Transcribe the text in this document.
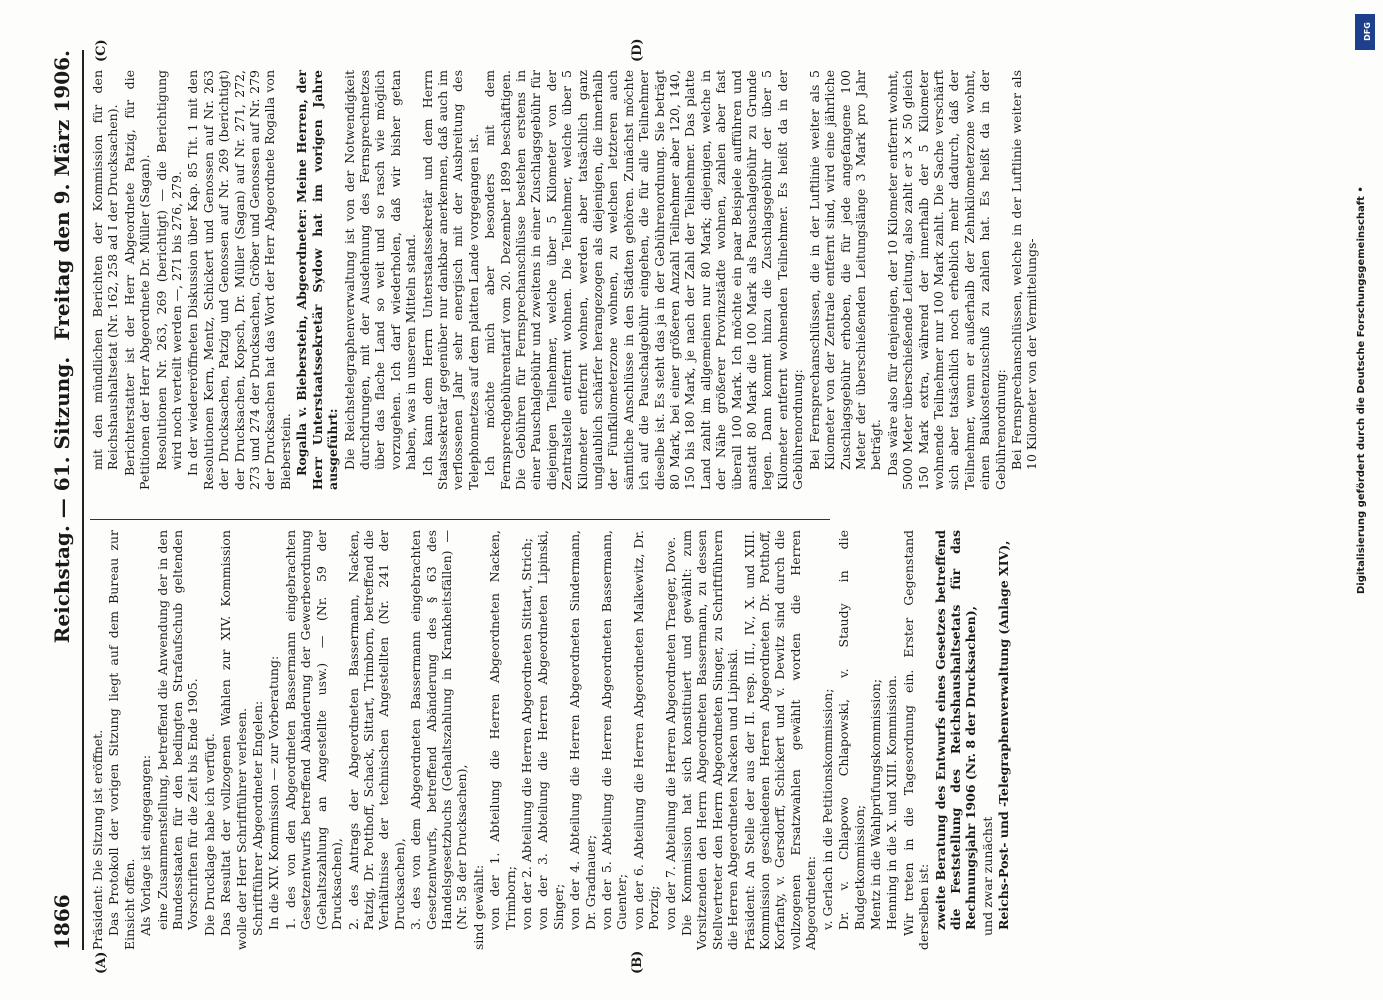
1866
Reichstag. — 61. Sitzung.
Freitag den 9. März 1906.
(A)	(B)
(C)	(D)

Präsident: Die Sitzung ist eröffnet. Das Protokoll der vorigen Sitzung liegt auf dem Bureau zur Einsicht offen. Als Vorlage ist eingegangen: eine Zusammenstellung, betreffend die Anwendung der in den Bundesstaaten für den bedingten Strafaufschub geltenden Vorschriften für die Zeit bis Ende 1905. Die Drucklage habe ich verfügt. Das Resultat der vollzogenen Wahlen zur XIV. Kommission wolle der Herr Schriftführer verlesen. Schriftführer Abgeordneter Engelen: In die XIV. Kommission — zur Vorberatung: 1. des von den Abgeordneten Bassermann eingebrachten Gesetzentwurfs betreffend Abänderung der Gewerbeordnung (Gehaltszahlung an Angestellte usw.) — (Nr. 59 der Drucksachen), 2. des Antrags der Abgeordneten Bassermann, Nacken, Patzig, Dr. Potthoff, Schack, Sittart, Trimborn, betreffend die Verhältnisse der technischen Angestellten (Nr. 241 der Drucksachen), 3. des von dem Abgeordneten Bassermann eingebrachten Gesetzentwurfs, betreffend Abänderung des § 63 des Handelsgesetzbuchs (Gehaltszahlung in Krankheitsfällen) — (Nr. 58 der Drucksachen), sind gewählt: von der 1. Abteilung die Herren Abgeordneten Nacken, Trimborn; von der 2. Abteilung die Herren Abgeordneten Sittart, Strich; von der 3. Abteilung die Herren Abgeordneten Lipinski, Singer; von der 4. Abteilung die Herren Abgeordneten Sindermann, Dr. Gradnauer; von der 5. Abteilung die Herren Abgeordneten Bassermann, Guenter; von der 6. Abteilung die Herren Abgeordneten Malkewitz, Dr. Porzig; von der 7. Abteilung die Herren Abgeordneten Traeger, Dove. Die Kommission hat sich konstituiert und gewählt: zum Vorsitzenden den Herrn Abgeordneten Bassermann, zu dessen Stellvertreter den Herrn Abgeordneten Singer, zu Schriftführern die Herren Abgeordneten Nacken und Lipinski. Präsident: An Stelle der aus der II. resp. III., IV., X. und XIII. Kommission geschiedenen Herren Abgeordneten Dr. Potthoff, Korfanty, v. Gersdorff, Schickert und v. Dewitz sind durch die vollzogenen Ersatzwahlen gewählt worden die Herren Abgeordneten: v. Gerlach in die Petitionskommission; Dr. v. Chlapowo Chlapowski, v. Staudy in die Budgetkommission; Mentz in die Wahlprüfungskommission; Henning in die X. und XIII. Kommission. Wir treten in die Tagesordnung ein. Erster Gegenstand derselben ist: zweite Beratung des Entwurfs eines Gesetzes betreffend die Feststellung des Reichshaushaltsetats für das Rechnungsjahr 1906 (Nr. 8 der Drucksachen), und zwar zunächst Reichs-Post- und -Telegraphenverwaltung (Anlage XIV),

mit den mündlichen Berichten der Kommission für den Reichshaushaltsetat (Nr. 162, 258 ad I der Drucksachen). Berichterstatter ist der Herr Abgeordnete Patzig, für die Petitionen der Herr Abgeordnete Dr. Müller (Sagan). Resolutionen Nr. 263, 269 (berichtigt) — die Berichtigung wird noch verteilt werden —, 271 bis 276, 279. In der wiedereröffneten Diskussion über Kap. 85 Tit. 1 mit den Resolutionen Kern, Mentz, Schickert und Genossen auf Nr. 263 der Drucksachen, Patzig und Genossen auf Nr. 269 (berichtigt) der Drucksachen, Kopsch, Dr. Müller (Sagan) auf Nr. 271, 272, 273 und 274 der Drucksachen, Gröber und Genossen auf Nr. 279 der Drucksachen hat das Wort der Herr Abgeordnete Rogalla von Bieberstein. Rogalla v. Bieberstein, Abgeordneter: Meine Herren, der Herr Unterstaatssekretär Sydow hat im vorigen Jahre ausgeführt: Die Reichstelegraphenverwaltung ist von der Notwendigkeit durchdrungen, mit der Ausdehnung des Fernsprechnetzes über das flache Land so weit und so rasch wie möglich vorzugehen. Ich darf wiederholen, daß wir bisher getan haben, was in unseren Mitteln stand. Ich kann dem Herrn Unterstaatssekretär und dem Herrn Staatssekretär gegenüber nur dankbar anerkennen, daß auch im verflossenen Jahr sehr energisch mit der Ausbreitung des Telephonnetzes auf dem platten Lande vorgegangen ist. Ich möchte mich aber besonders mit dem Fernsprechgebührentarif vom 20. Dezember 1899 beschäftigen. Die Gebühren für Fernsprechanschlüsse bestehen erstens in einer Pauschalgebühr und zweitens in einer Zuschlagsgebühr für diejenigen Teilnehmer, welche über 5 Kilometer von der Zentralstelle entfernt wohnen. Die Teilnehmer, welche über 5 Kilometer entfernt wohnen, werden aber tatsächlich ganz unglaublich schärfer herangezogen als diejenigen, die innerhalb der Fünfkilometerzone wohnen, zu welchen letzteren auch sämtliche Anschlüsse in den Städten gehören. Zunächst möchte ich auf die Pauschalgebühr eingehen, die für alle Teilnehmer dieselbe ist. Es steht das ja in der Gebührenordnung. Sie beträgt 80 Mark, bei einer größeren Anzahl Teilnehmer aber 120, 140, 150 bis 180 Mark, je nach der Zahl der Teilnehmer. Das platte Land zahlt im allgemeinen nur 80 Mark; diejenigen, welche in der Nähe größerer Provinzstädte wohnen, zahlen aber fast überall 100 Mark. Ich möchte ein paar Beispiele aufführen und anstatt 80 Mark die 100 Mark als Pauschalgebühr zu Grunde legen. Dann kommt hinzu die Zuschlagsgebühr der über 5 Kilometer entfernt wohnenden Teilnehmer. Es heißt da in der Gebührenordnung: Bei Fernsprechanschlüssen, die in der Luftlinie weiter als 5 Kilometer von der Zentrale entfernt sind, wird eine jährliche Zuschlagsgebühr erhoben, die für jede angefangene 100 Meter der überschießenden Leitungslänge 3 Mark pro Jahr beträgt. Das wäre also für denjenigen, der 10 Kilometer entfernt wohnt, 5000 Meter überschießende Leitung, also zahlt er 3 × 50 gleich 150 Mark extra, während der innerhalb der 5 Kilometer wohnende Teilnehmer nur 100 Mark zahlt. Die Sache verschärft sich aber tatsächlich noch erheblich mehr dadurch, daß der Teilnehmer, wenn er außerhalb der Zehnkilometerzone wohnt, einen Baukostenzuschuß zu zahlen hat. Es heißt da in der Gebührenordnung: Bei Fernsprechanschlüssen, welche in der Luftlinie weiter als 10 Kilometer von der Vermittelungs-

DFG
Digitalisierung gefördert durch die Deutsche Forschungsgemeinschaft •
